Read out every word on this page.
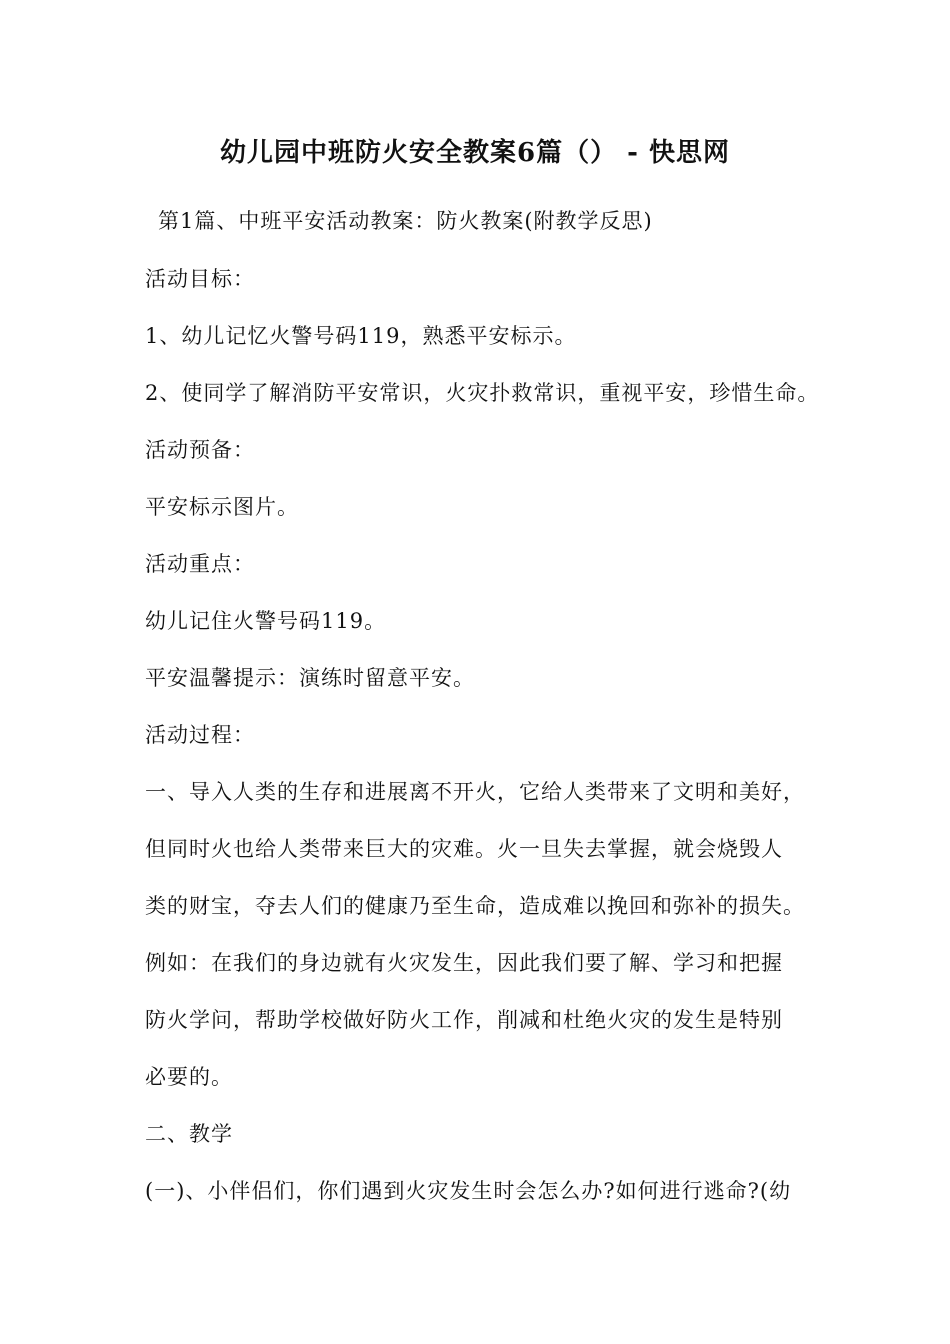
幼儿园中班防火安全教案6篇（） - 快思网
第1篇、中班平安活动教案：防火教案(附教学反思)
活动目标：
1、幼儿记忆火警号码119，熟悉平安标示。
2、使同学了解消防平安常识，火灾扑救常识，重视平安，珍惜生命。
活动预备：
平安标示图片。
活动重点：
幼儿记住火警号码119。
平安温馨提示：演练时留意平安。
活动过程：
一、导入人类的生存和进展离不开火，它给人类带来了文明和美好，
但同时火也给人类带来巨大的灾难。火一旦失去掌握，就会烧毁人
类的财宝，夺去人们的健康乃至生命，造成难以挽回和弥补的损失。
例如：在我们的身边就有火灾发生，因此我们要了解、学习和把握
防火学问，帮助学校做好防火工作，削减和杜绝火灾的发生是特别
必要的。
二、教学
(一)、小伴侣们，你们遇到火灾发生时会怎么办?如何进行逃命?(幼
